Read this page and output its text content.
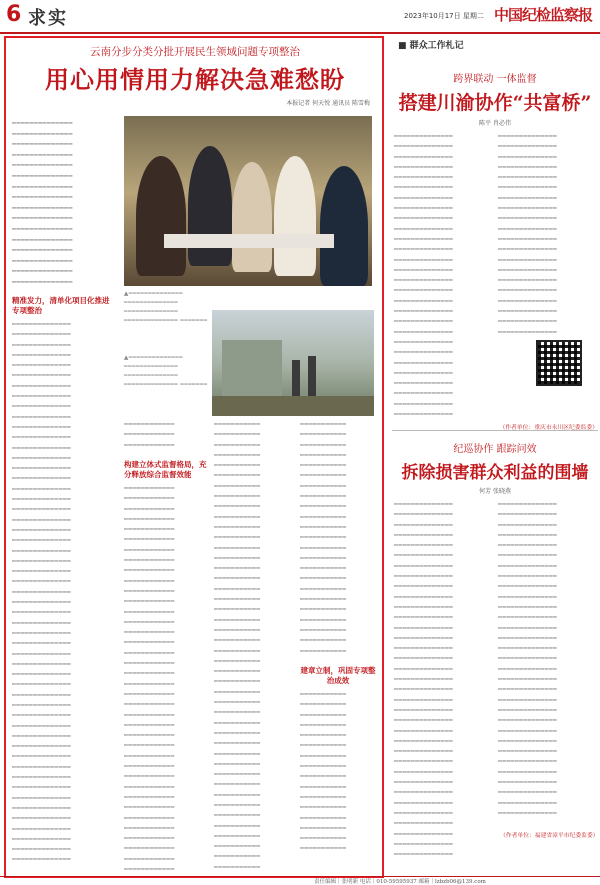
6 求实	2023年10月17日 星期二 中国纪检监察报
云南分步分类分批开展民生领域问题专项整治
用心用情用力解决急难愁盼
本报记者 何天悦 通讯员 陈雪梅
━━━━━━━━━━━━━━ ━━━━━━━━━━━━━━ ━━━━━━━━━━━━━━ ━━━━━━━━━━━━━━ ━━━━━━━━━━━━━━ ━━━━━━━━━━━━━━ ━━━━━━━━━━━━━━ ━━━━━━━━━━━━━━ ━━━━━━━━━━━━━━ ━━━━━━━━━━━━━━ ━━━━━━━━━━━━━━ ━━━━━━━━━━━━━━ ━━━━━━━━━━━━━━ ━━━━━━━━━━━━━━ ━━━━━━━━━━━━━━ ━━━━━━━━━━━━━━
▲━━━━━━━━━━━━━━ ━━━━━━━━━━━━━━ ━━━━━━━━━━━━━━ ━━━━━━━━━━━━━━ ━━━━━━━
▲━━━━━━━━━━━━━━ ━━━━━━━━━━━━━━ ━━━━━━━━━━━━━━ ━━━━━━━━━━━━━━ ━━━━━━━
精准发力，清单化项目化推进专项整治
━━━━━━━━━━━━━━ ━━━━━━━━━━━━━━ ━━━━━━━━━━━━━━ ━━━━━━━━━━━━━━ ━━━━━━━━━━━━━━ ━━━━━━━━━━━━━━ ━━━━━━━━━━━━━━ ━━━━━━━━━━━━━━ ━━━━━━━━━━━━━━ ━━━━━━━━━━━━━━ ━━━━━━━━━━━━━━ ━━━━━━━━━━━━━━ ━━━━━━━━━━━━━━ ━━━━━━━━━━━━━━ ━━━━━━━━━━━━━━ ━━━━━━━━━━━━━━ ━━━━━━━━━━━━━━ ━━━━━━━━━━━━━━ ━━━━━━━━━━━━━━ ━━━━━━━━━━━━━━ ━━━━━━━━━━━━━━ ━━━━━━━━━━━━━━ ━━━━━━━━━━━━━━ ━━━━━━━━━━━━━━ ━━━━━━━━━━━━━━ ━━━━━━━━━━━━━━ ━━━━━━━━━━━━━━ ━━━━━━━━━━━━━━ ━━━━━━━━━━━━━━ ━━━━━━━━━━━━━━ ━━━━━━━━━━━━━━ ━━━━━━━━━━━━━━ ━━━━━━━━━━━━━━ ━━━━━━━━━━━━━━ ━━━━━━━━━━━━━━ ━━━━━━━━━━━━━━ ━━━━━━━━━━━━━━ ━━━━━━━━━━━━━━ ━━━━━━━━━━━━━━ ━━━━━━━━━━━━━━ ━━━━━━━━━━━━━━ ━━━━━━━━━━━━━━ ━━━━━━━━━━━━━━ ━━━━━━━━━━━━━━ ━━━━━━━━━━━━━━ ━━━━━━━━━━━━━━ ━━━━━━━━━━━━━━ ━━━━━━━━━━━━━━ ━━━━━━━━━━━━━━ ━━━━━━━━━━━━━━ ━━━━━━━━━━━━━━ ━━━━━━━━━━━━━━ ━━━━━━━━━━━━━━
━━━━━━━━━━━━ ━━━━━━━━━━━━ ━━━━━━━━━━━━
构建立体式监督格局，充分释放综合监督效能
━━━━━━━━━━━━ ━━━━━━━━━━━━ ━━━━━━━━━━━━ ━━━━━━━━━━━━ ━━━━━━━━━━━━ ━━━━━━━━━━━━ ━━━━━━━━━━━━ ━━━━━━━━━━━━ ━━━━━━━━━━━━ ━━━━━━━━━━━━ ━━━━━━━━━━━━ ━━━━━━━━━━━━ ━━━━━━━━━━━━ ━━━━━━━━━━━━ ━━━━━━━━━━━━ ━━━━━━━━━━━━ ━━━━━━━━━━━━ ━━━━━━━━━━━━ ━━━━━━━━━━━━ ━━━━━━━━━━━━ ━━━━━━━━━━━━ ━━━━━━━━━━━━ ━━━━━━━━━━━━ ━━━━━━━━━━━━ ━━━━━━━━━━━━ ━━━━━━━━━━━━ ━━━━━━━━━━━━ ━━━━━━━━━━━━ ━━━━━━━━━━━━ ━━━━━━━━━━━━ ━━━━━━━━━━━━ ━━━━━━━━━━━━ ━━━━━━━━━━━━ ━━━━━━━━━━━━ ━━━━━━━━━━━━ ━━━━━━━━━━━━ ━━━━━━━━━━━━ ━━━━━━━━━━━━
━━━━━━━━━━━ ━━━━━━━━━━━ ━━━━━━━━━━━ ━━━━━━━━━━━ ━━━━━━━━━━━ ━━━━━━━━━━━ ━━━━━━━━━━━ ━━━━━━━━━━━ ━━━━━━━━━━━ ━━━━━━━━━━━ ━━━━━━━━━━━ ━━━━━━━━━━━ ━━━━━━━━━━━ ━━━━━━━━━━━ ━━━━━━━━━━━ ━━━━━━━━━━━ ━━━━━━━━━━━ ━━━━━━━━━━━ ━━━━━━━━━━━ ━━━━━━━━━━━ ━━━━━━━━━━━ ━━━━━━━━━━━ ━━━━━━━━━━━ ━━━━━━━━━━━ ━━━━━━━━━━━ ━━━━━━━━━━━ ━━━━━━━━━━━ ━━━━━━━━━━━ ━━━━━━━━━━━ ━━━━━━━━━━━ ━━━━━━━━━━━ ━━━━━━━━━━━ ━━━━━━━━━━━ ━━━━━━━━━━━ ━━━━━━━━━━━ ━━━━━━━━━━━ ━━━━━━━━━━━ ━━━━━━━━━━━ ━━━━━━━━━━━ ━━━━━━━━━━━ ━━━━━━━━━━━ ━━━━━━━━━━━ ━━━━━━━━━━━ ━━━━━━━━━━━
━━━━━━━━━━━ ━━━━━━━━━━━ ━━━━━━━━━━━ ━━━━━━━━━━━ ━━━━━━━━━━━ ━━━━━━━━━━━ ━━━━━━━━━━━ ━━━━━━━━━━━ ━━━━━━━━━━━ ━━━━━━━━━━━ ━━━━━━━━━━━ ━━━━━━━━━━━ ━━━━━━━━━━━ ━━━━━━━━━━━ ━━━━━━━━━━━ ━━━━━━━━━━━ ━━━━━━━━━━━ ━━━━━━━━━━━ ━━━━━━━━━━━ ━━━━━━━━━━━ ━━━━━━━━━━━ ━━━━━━━━━━━ ━━━━━━━━━━━
建章立制，巩固专项整治成效
━━━━━━━━━━━ ━━━━━━━━━━━ ━━━━━━━━━━━ ━━━━━━━━━━━ ━━━━━━━━━━━ ━━━━━━━━━━━ ━━━━━━━━━━━ ━━━━━━━━━━━ ━━━━━━━━━━━ ━━━━━━━━━━━ ━━━━━━━━━━━ ━━━━━━━━━━━ ━━━━━━━━━━━ ━━━━━━━━━━━ ━━━━━━━━━━━ ━━━━━━━━━━━
■ 群众工作札记
跨界联动 一体监督
搭建川渝协作“共富桥”
陈平 肖必伟
━━━━━━━━━━━━━━ ━━━━━━━━━━━━━━ ━━━━━━━━━━━━━━ ━━━━━━━━━━━━━━ ━━━━━━━━━━━━━━ ━━━━━━━━━━━━━━ ━━━━━━━━━━━━━━ ━━━━━━━━━━━━━━ ━━━━━━━━━━━━━━ ━━━━━━━━━━━━━━ ━━━━━━━━━━━━━━ ━━━━━━━━━━━━━━ ━━━━━━━━━━━━━━ ━━━━━━━━━━━━━━ ━━━━━━━━━━━━━━ ━━━━━━━━━━━━━━ ━━━━━━━━━━━━━━ ━━━━━━━━━━━━━━ ━━━━━━━━━━━━━━ ━━━━━━━━━━━━━━ ━━━━━━━━━━━━━━ ━━━━━━━━━━━━━━ ━━━━━━━━━━━━━━ ━━━━━━━━━━━━━━ ━━━━━━━━━━━━━━ ━━━━━━━━━━━━━━ ━━━━━━━━━━━━━━ ━━━━━━━━━━━━━━
━━━━━━━━━━━━━━ ━━━━━━━━━━━━━━ ━━━━━━━━━━━━━━ ━━━━━━━━━━━━━━ ━━━━━━━━━━━━━━ ━━━━━━━━━━━━━━ ━━━━━━━━━━━━━━ ━━━━━━━━━━━━━━ ━━━━━━━━━━━━━━ ━━━━━━━━━━━━━━ ━━━━━━━━━━━━━━ ━━━━━━━━━━━━━━ ━━━━━━━━━━━━━━ ━━━━━━━━━━━━━━ ━━━━━━━━━━━━━━ ━━━━━━━━━━━━━━ ━━━━━━━━━━━━━━ ━━━━━━━━━━━━━━ ━━━━━━━━━━━━━━ ━━━━━━━━━━━━━━
（作者单位：重庆市永川区纪委监委）
纪巡协作 跟踪问效
拆除损害群众利益的围墙
何芳 张晓燕
━━━━━━━━━━━━━━ ━━━━━━━━━━━━━━ ━━━━━━━━━━━━━━ ━━━━━━━━━━━━━━ ━━━━━━━━━━━━━━ ━━━━━━━━━━━━━━ ━━━━━━━━━━━━━━ ━━━━━━━━━━━━━━ ━━━━━━━━━━━━━━ ━━━━━━━━━━━━━━ ━━━━━━━━━━━━━━ ━━━━━━━━━━━━━━ ━━━━━━━━━━━━━━ ━━━━━━━━━━━━━━ ━━━━━━━━━━━━━━ ━━━━━━━━━━━━━━ ━━━━━━━━━━━━━━ ━━━━━━━━━━━━━━ ━━━━━━━━━━━━━━ ━━━━━━━━━━━━━━ ━━━━━━━━━━━━━━ ━━━━━━━━━━━━━━ ━━━━━━━━━━━━━━ ━━━━━━━━━━━━━━ ━━━━━━━━━━━━━━ ━━━━━━━━━━━━━━ ━━━━━━━━━━━━━━ ━━━━━━━━━━━━━━ ━━━━━━━━━━━━━━ ━━━━━━━━━━━━━━ ━━━━━━━━━━━━━━ ━━━━━━━━━━━━━━ ━━━━━━━━━━━━━━ ━━━━━━━━━━━━━━ ━━━━━━━━━━━━━━
━━━━━━━━━━━━━━ ━━━━━━━━━━━━━━ ━━━━━━━━━━━━━━ ━━━━━━━━━━━━━━ ━━━━━━━━━━━━━━ ━━━━━━━━━━━━━━ ━━━━━━━━━━━━━━ ━━━━━━━━━━━━━━ ━━━━━━━━━━━━━━ ━━━━━━━━━━━━━━ ━━━━━━━━━━━━━━ ━━━━━━━━━━━━━━ ━━━━━━━━━━━━━━ ━━━━━━━━━━━━━━ ━━━━━━━━━━━━━━ ━━━━━━━━━━━━━━ ━━━━━━━━━━━━━━ ━━━━━━━━━━━━━━ ━━━━━━━━━━━━━━ ━━━━━━━━━━━━━━ ━━━━━━━━━━━━━━ ━━━━━━━━━━━━━━ ━━━━━━━━━━━━━━ ━━━━━━━━━━━━━━ ━━━━━━━━━━━━━━ ━━━━━━━━━━━━━━ ━━━━━━━━━━━━━━ ━━━━━━━━━━━━━━ ━━━━━━━━━━━━━━ ━━━━━━━━━━━━━━ ━━━━━━━━━━━━━━
（作者单位：福建省漳平市纪委监委）
责任编辑｜张明新 电话｜010-59595937 邮箱｜lzbzb06@139.com
